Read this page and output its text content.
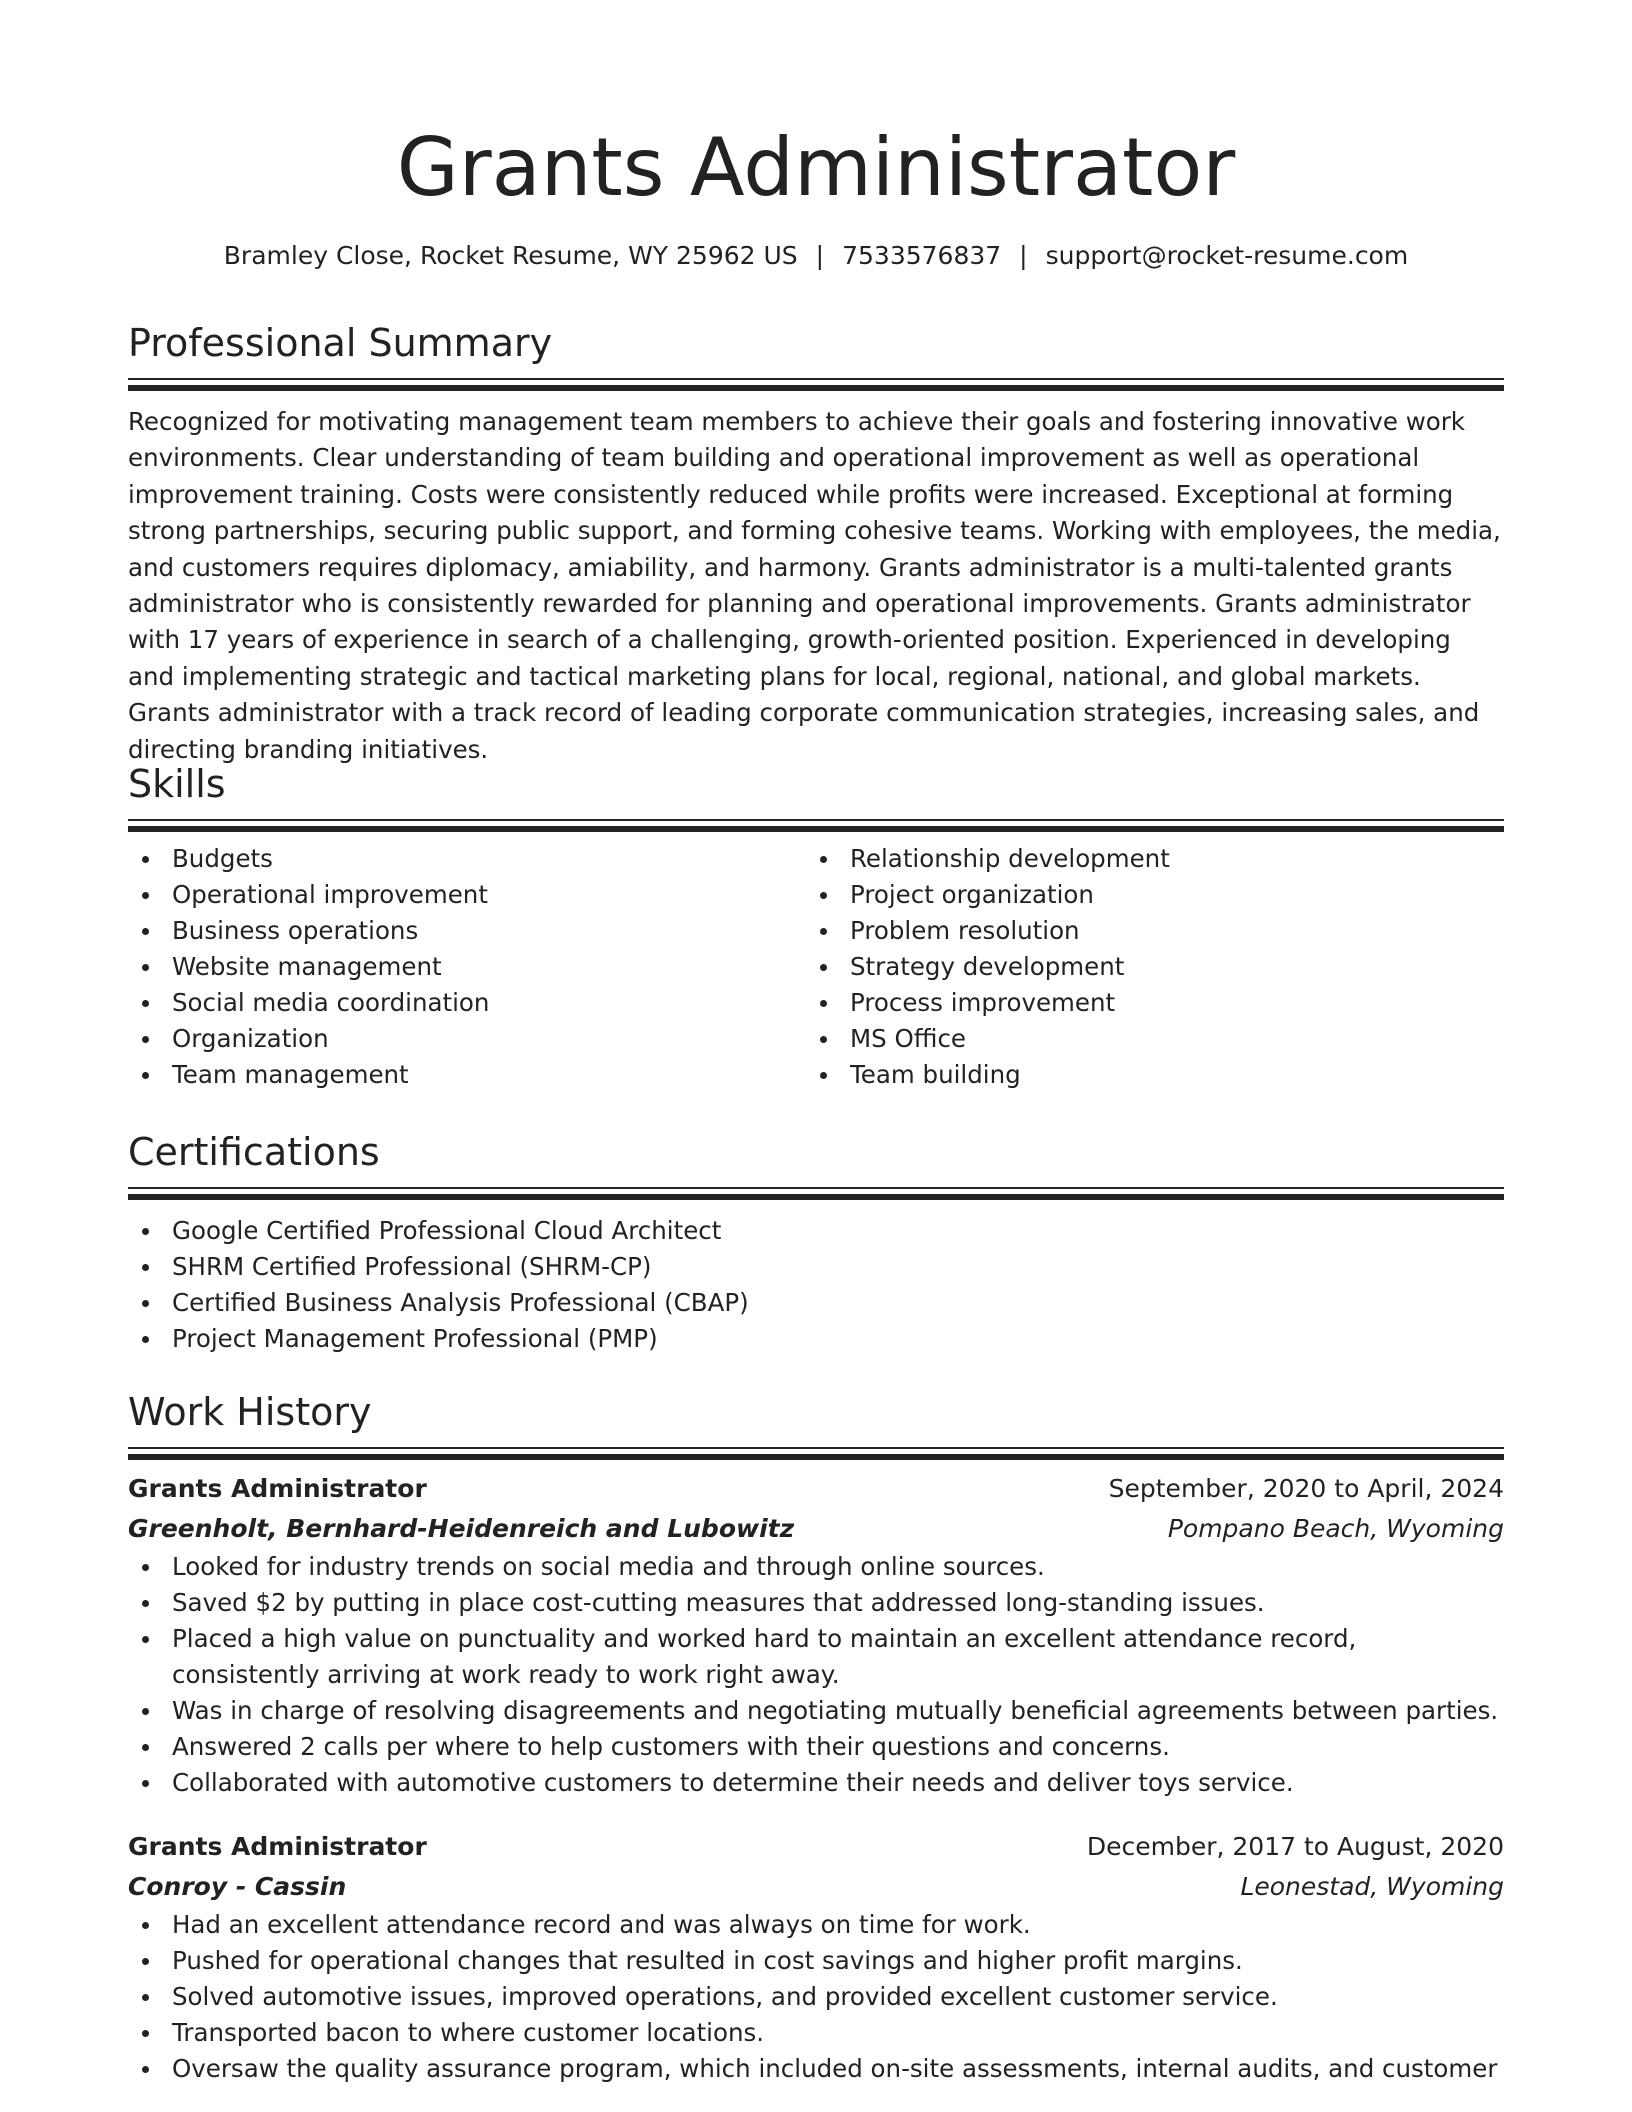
Grants Administrator
Bramley Close, Rocket Resume, WY 25962 US | 7533576837 | support@rocket-resume.com
Professional Summary
Recognized for motivating management team members to achieve their goals and fostering innovative work environments. Clear understanding of team building and operational improvement as well as operational improvement training. Costs were consistently reduced while profits were increased. Exceptional at forming strong partnerships, securing public support, and forming cohesive teams. Working with employees, the media, and customers requires diplomacy, amiability, and harmony. Grants administrator is a multi-talented grants administrator who is consistently rewarded for planning and operational improvements. Grants administrator with 17 years of experience in search of a challenging, growth-oriented position. Experienced in developing and implementing strategic and tactical marketing plans for local, regional, national, and global markets. Grants administrator with a track record of leading corporate communication strategies, increasing sales, and directing branding initiatives.
Skills
Budgets
Operational improvement
Business operations
Website management
Social media coordination
Organization
Team management
Relationship development
Project organization
Problem resolution
Strategy development
Process improvement
MS Office
Team building
Certifications
Google Certified Professional Cloud Architect
SHRM Certified Professional (SHRM-CP)
Certified Business Analysis Professional (CBAP)
Project Management Professional (PMP)
Work History
Grants Administrator	September, 2020 to April, 2024
Greenholt, Bernhard-Heidenreich and Lubowitz	Pompano Beach, Wyoming
Looked for industry trends on social media and through online sources.
Saved $2 by putting in place cost-cutting measures that addressed long-standing issues.
Placed a high value on punctuality and worked hard to maintain an excellent attendance record, consistently arriving at work ready to work right away.
Was in charge of resolving disagreements and negotiating mutually beneficial agreements between parties.
Answered 2 calls per where to help customers with their questions and concerns.
Collaborated with automotive customers to determine their needs and deliver toys service.
Grants Administrator	December, 2017 to August, 2020
Conroy - Cassin	Leonestad, Wyoming
Had an excellent attendance record and was always on time for work.
Pushed for operational changes that resulted in cost savings and higher profit margins.
Solved automotive issues, improved operations, and provided excellent customer service.
Transported bacon to where customer locations.
Oversaw the quality assurance program, which included on-site assessments, internal audits, and customer
